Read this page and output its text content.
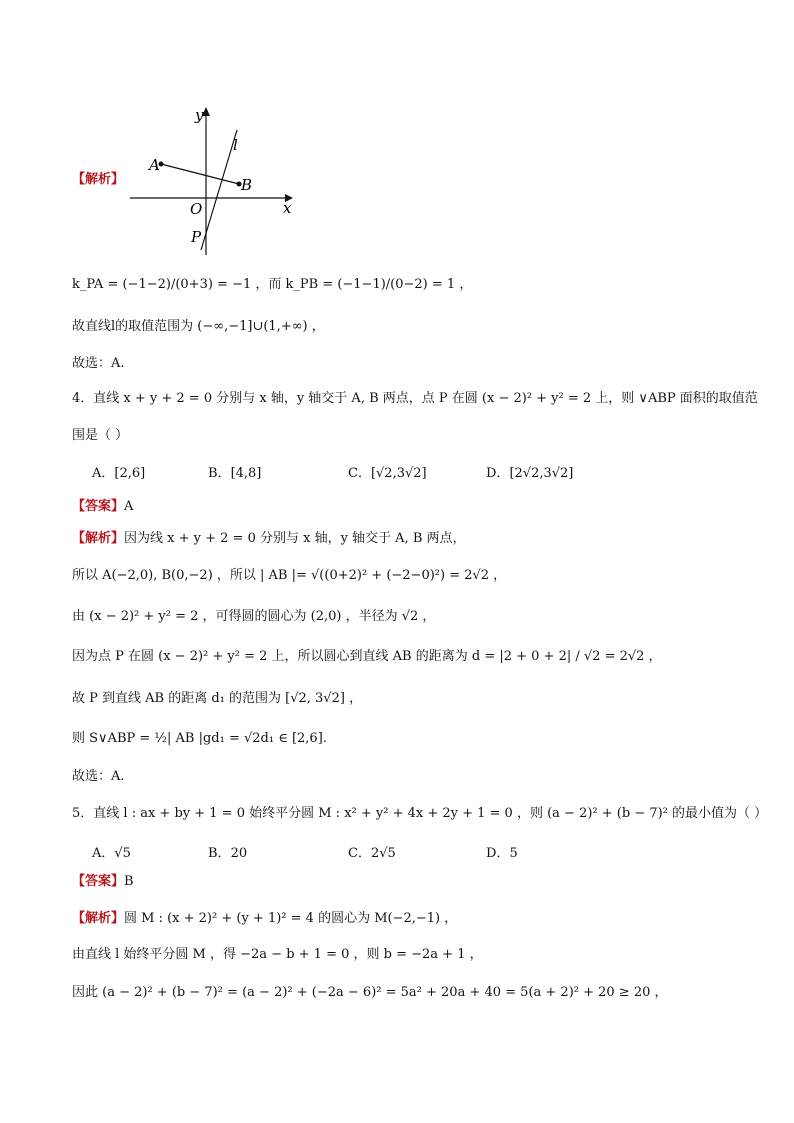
【解析】
y
x
l
A
B
O
P
k_PA = (−1−2)/(0+3) = −1 ，而 k_PB = (−1−1)/(0−2) = 1 ，
故直线l的取值范围为 (−∞,−1]∪(1,+∞) ，
故选：A.
4．直线 x + y + 2 = 0 分别与 x 轴，y 轴交于 A, B 两点，点 P 在圆 (x − 2)² + y² = 2 上，则 ∨ABP 面积的取值范
围是（ ）
A．[2,6]	B．[4,8]	C．[√2,3√2]	D．[2√2,3√2]
【答案】A
【解析】因为线 x + y + 2 = 0 分别与 x 轴，y 轴交于 A, B 两点，
所以 A(−2,0), B(0,−2) ，所以 | AB |= √((0+2)² + (−2−0)²) = 2√2 ，
由 (x − 2)² + y² = 2 ，可得圆的圆心为 (2,0) ，半径为 √2 ，
因为点 P 在圆 (x − 2)² + y² = 2 上，所以圆心到直线 AB 的距离为 d = |2 + 0 + 2| / √2 = 2√2 ，
故 P 到直线 AB 的距离 d₁ 的范围为 [√2, 3√2] ，
则 S∨ABP = ½| AB |gd₁ = √2d₁ ∈ [2,6].
故选：A.
5．直线 l : ax + by + 1 = 0 始终平分圆 M : x² + y² + 4x + 2y + 1 = 0 ，则 (a − 2)² + (b − 7)² 的最小值为（ ）
A．√5	B．20	C．2√5	D．5
【答案】B
【解析】圆 M : (x + 2)² + (y + 1)² = 4 的圆心为 M(−2,−1) ，
由直线 l 始终平分圆 M ，得 −2a − b + 1 = 0 ，则 b = −2a + 1 ，
因此 (a − 2)² + (b − 7)² = (a − 2)² + (−2a − 6)² = 5a² + 20a + 40 = 5(a + 2)² + 20 ≥ 20 ，
